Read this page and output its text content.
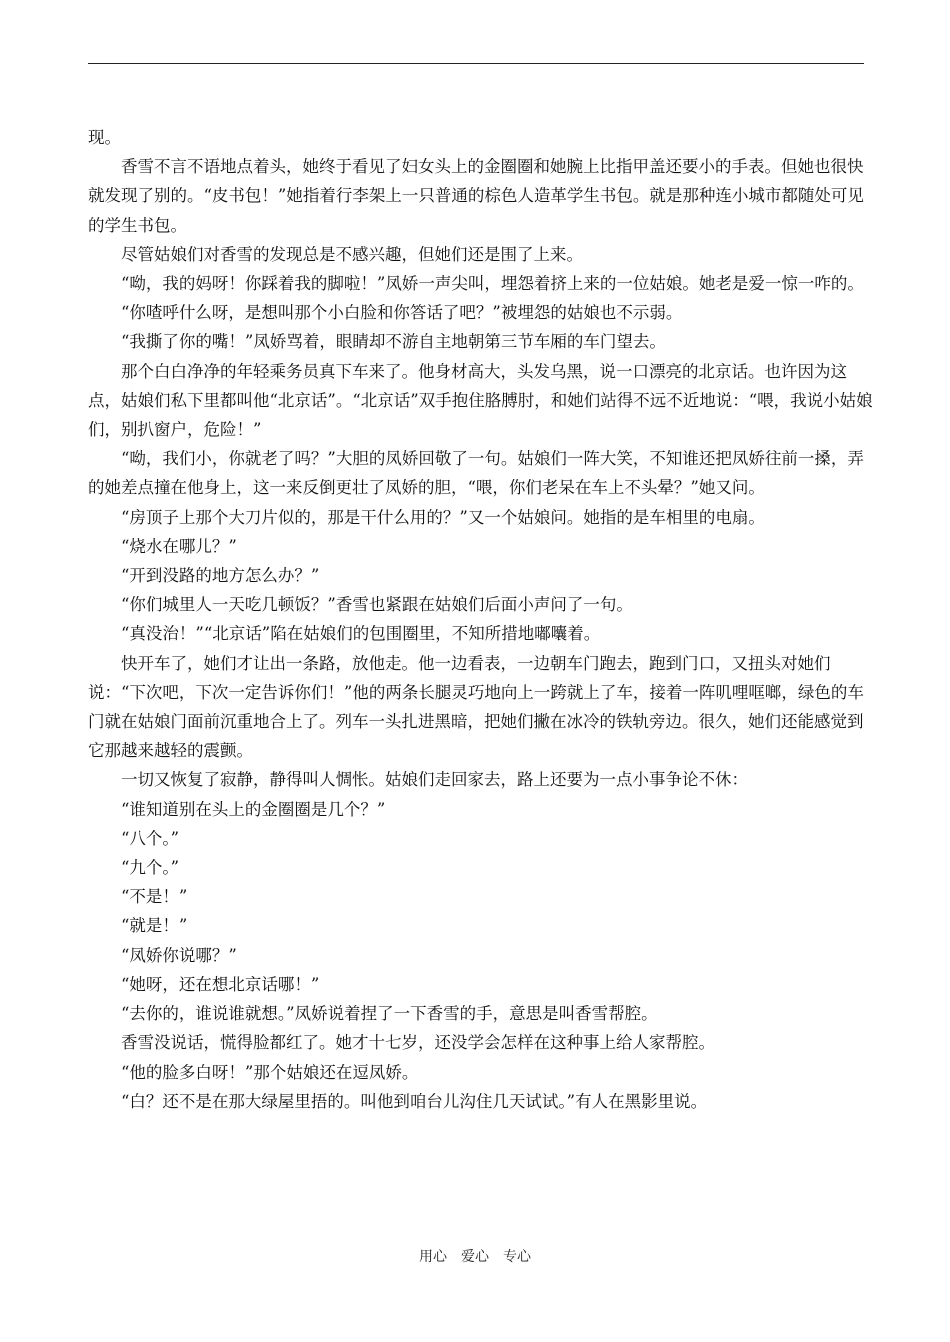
现。

香雪不言不语地点着头，她终于看见了妇女头上的金圈圈和她腕上比指甲盖还要小的手表。但她也很快就发现了别的。“皮书包！”她指着行李架上一只普通的棕色人造革学生书包。就是那种连小城市都随处可见的学生书包。

尽管姑娘们对香雪的发现总是不感兴趣，但她们还是围了上来。

“呦，我的妈呀！你踩着我的脚啦！”凤娇一声尖叫，埋怨着挤上来的一位姑娘。她老是爱一惊一咋的。

“你喳呼什么呀，是想叫那个小白脸和你答话了吧？”被埋怨的姑娘也不示弱。

“我撕了你的嘴！”凤娇骂着，眼睛却不游自主地朝第三节车厢的车门望去。

那个白白净净的年轻乘务员真下车来了。他身材高大，头发乌黑，说一口漂亮的北京话。也许因为这点，姑娘们私下里都叫他“北京话”。“北京话”双手抱住胳膊肘，和她们站得不远不近地说：“喂，我说小姑娘们，别扒窗户，危险！”

“呦，我们小，你就老了吗？”大胆的凤娇回敬了一句。姑娘们一阵大笑，不知谁还把凤娇往前一搡，弄的她差点撞在他身上，这一来反倒更壮了凤娇的胆，“喂，你们老呆在车上不头晕？”她又问。

“房顶子上那个大刀片似的，那是干什么用的？”又一个姑娘问。她指的是车相里的电扇。

“烧水在哪儿？”

“开到没路的地方怎么办？”

“你们城里人一天吃几顿饭？”香雪也紧跟在姑娘们后面小声问了一句。

“真没治！”“北京话”陷在姑娘们的包围圈里，不知所措地嘟囔着。

快开车了，她们才让出一条路，放他走。他一边看表，一边朝车门跑去，跑到门口，又扭头对她们说：“下次吧，下次一定告诉你们！”他的两条长腿灵巧地向上一跨就上了车，接着一阵叽哩哐啷，绿色的车门就在姑娘门面前沉重地合上了。列车一头扎进黑暗，把她们撇在冰冷的铁轨旁边。很久，她们还能感觉到它那越来越轻的震颤。

一切又恢复了寂静，静得叫人惆怅。姑娘们走回家去，路上还要为一点小事争论不休：

“谁知道别在头上的金圈圈是几个？”

“八个。”

“九个。”

“不是！”

“就是！”

“凤娇你说哪？”

“她呀，还在想北京话哪！”

“去你的，谁说谁就想。”凤娇说着捏了一下香雪的手，意思是叫香雪帮腔。

香雪没说话，慌得脸都红了。她才十七岁，还没学会怎样在这种事上给人家帮腔。

“他的脸多白呀！”那个姑娘还在逗凤娇。

“白？还不是在那大绿屋里捂的。叫他到咱台儿沟住几天试试。”有人在黑影里说。

用心　爱心　专心
